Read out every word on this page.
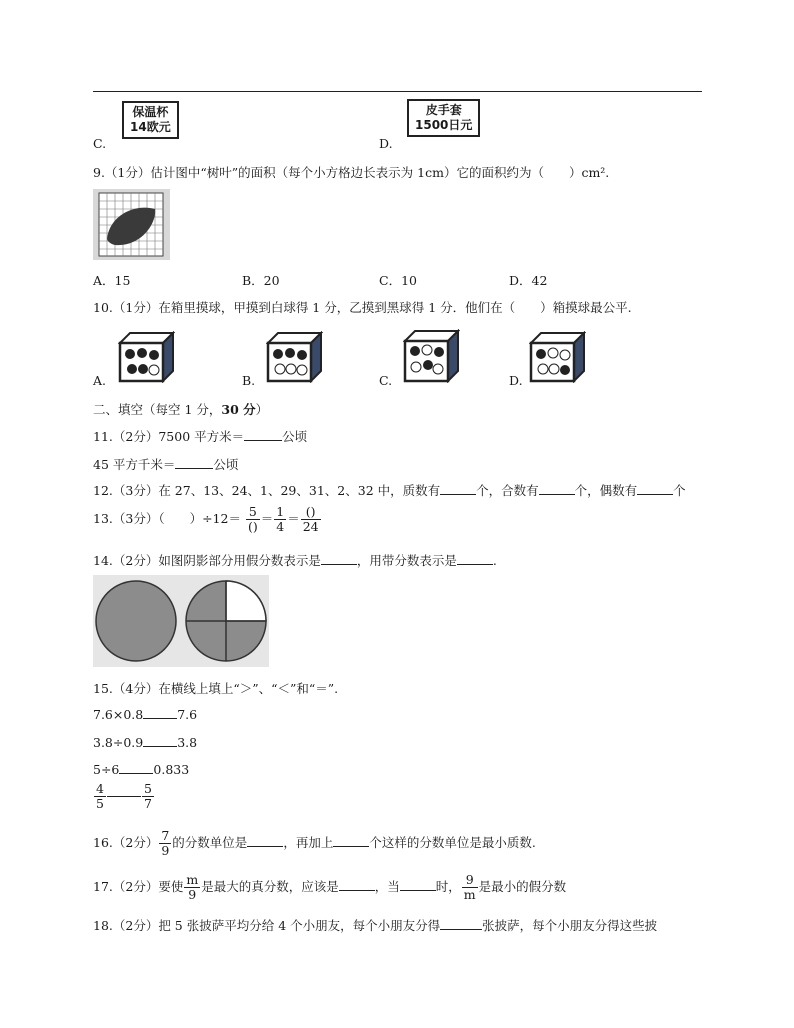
C.
保温杯
14欧元
D.
皮手套
1500日元
9.（1分）估计图中“树叶”的面积（每个小方格边长表示为 1cm）它的面积约为（　　）cm².
A．15	B．20	C．10	D．42
10.（1分）在箱里摸球，甲摸到白球得 1 分，乙摸到黑球得 1 分．他们在（　　）箱摸球最公平.
A.	B.	C.	D.
二、填空（每空 1 分，30 分）
11.（2分）7500 平方米＝	公顷
45 平方千米＝	公顷
12.（3分）在 27、13、24、1、29、31、2、32 中，质数有	个，合数有	个，偶数有	个
13.（3分）（　　）$\div 12= \frac{5}{()} = \frac{1}{4} = \frac{()}{24}$
14.（2分）如图阴影部分用假分数表示是	，用带分数表示是	.
15.（4分）在横线上填上“＞”、“＜”和“＝”.
7.6×0.8	7.6
3.8÷0.9	3.8
5÷6	0.833
$\frac{4}{5}$	$\frac{5}{7}$
16.（2分） $\frac{7}{9}$ 的分数单位是	，再加上	个这样的分数单位是最小质数.
17.（2分）要使 $\frac{m}{9}$ 是最大的真分数，应该是	，当	时， $\frac{9}{m}$ 是最小的假分数
18.（2分）把 5 张披萨平均分给 4 个小朋友，每个小朋友分得	张披萨，每个小朋友分得这些披
